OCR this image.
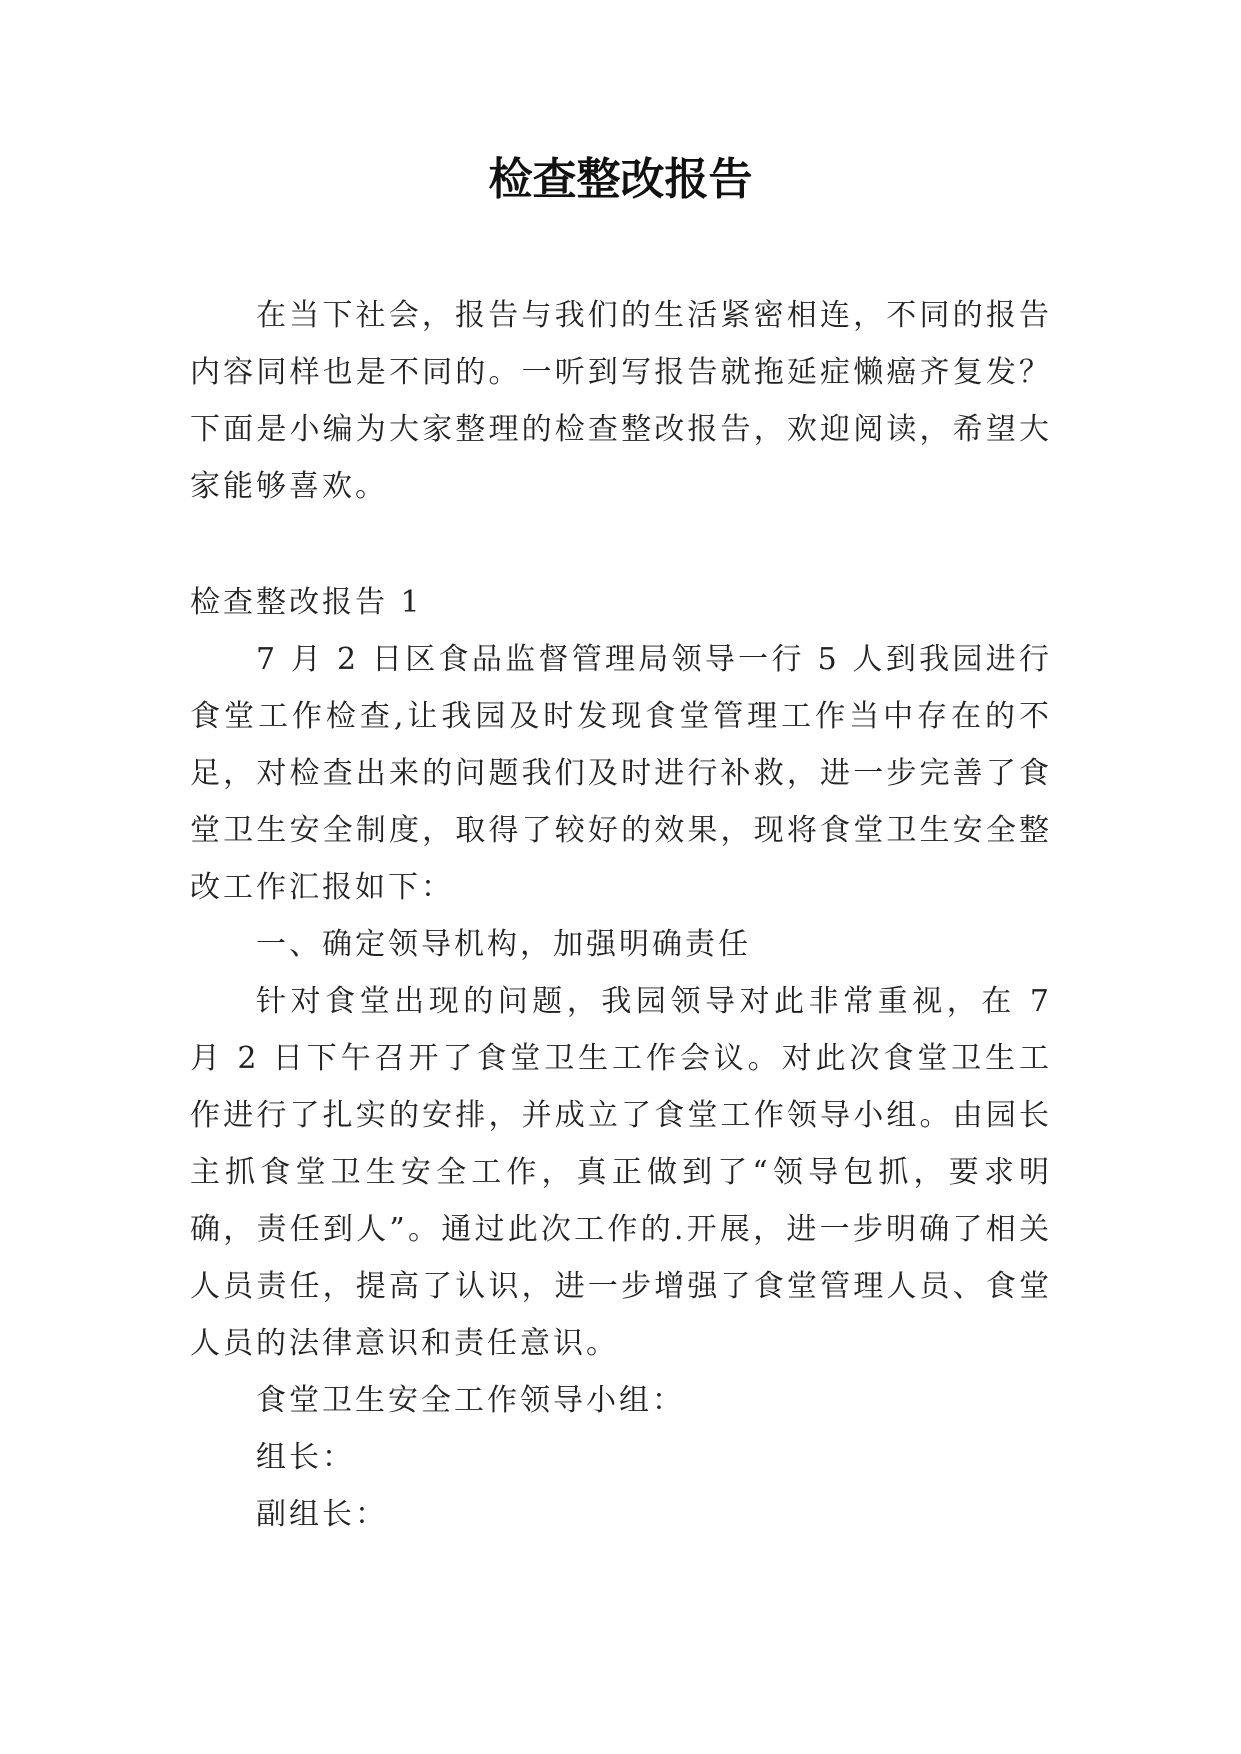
检查整改报告

在当下社会，报告与我们的生活紧密相连，不同的报告内容同样也是不同的。一听到写报告就拖延症懒癌齐复发？下面是小编为大家整理的检查整改报告，欢迎阅读，希望大家能够喜欢。

检查整改报告 1

7 月 2 日区食品监督管理局领导一行 5 人到我园进行食堂工作检查,让我园及时发现食堂管理工作当中存在的不足，对检查出来的问题我们及时进行补救，进一步完善了食堂卫生安全制度，取得了较好的效果，现将食堂卫生安全整改工作汇报如下：

一、确定领导机构，加强明确责任

针对食堂出现的问题，我园领导对此非常重视，在 7 月 2 日下午召开了食堂卫生工作会议。对此次食堂卫生工作进行了扎实的安排，并成立了食堂工作领导小组。由园长主抓食堂卫生安全工作，真正做到了“领导包抓，要求明确，责任到人”。通过此次工作的.开展，进一步明确了相关人员责任，提高了认识，进一步增强了食堂管理人员、食堂人员的法律意识和责任意识。

食堂卫生安全工作领导小组：

组长：

副组长：
